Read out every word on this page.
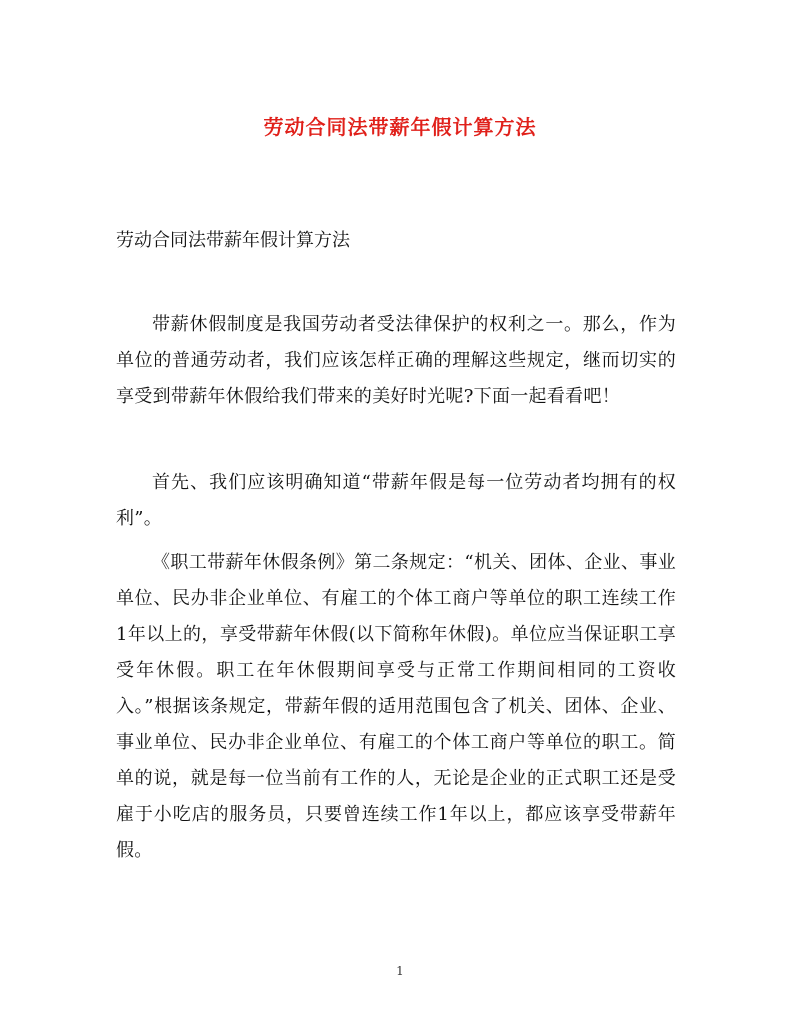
劳动合同法带薪年假计算方法
劳动合同法带薪年假计算方法

带薪休假制度是我国劳动者受法律保护的权利之一。那么，作为单位的普通劳动者，我们应该怎样正确的理解这些规定，继而切实的享受到带薪年休假给我们带来的美好时光呢?下面一起看看吧！

首先、我们应该明确知道“带薪年假是每一位劳动者均拥有的权利”。

《职工带薪年休假条例》第二条规定：“机关、团体、企业、事业单位、民办非企业单位、有雇工的个体工商户等单位的职工连续工作1年以上的，享受带薪年休假(以下简称年休假)。单位应当保证职工享受年休假。职工在年休假期间享受与正常工作期间相同的工资收入。”根据该条规定，带薪年假的适用范围包含了机关、团体、企业、事业单位、民办非企业单位、有雇工的个体工商户等单位的职工。简单的说，就是每一位当前有工作的人，无论是企业的正式职工还是受雇于小吃店的服务员，只要曾连续工作1年以上，都应该享受带薪年假。

1
